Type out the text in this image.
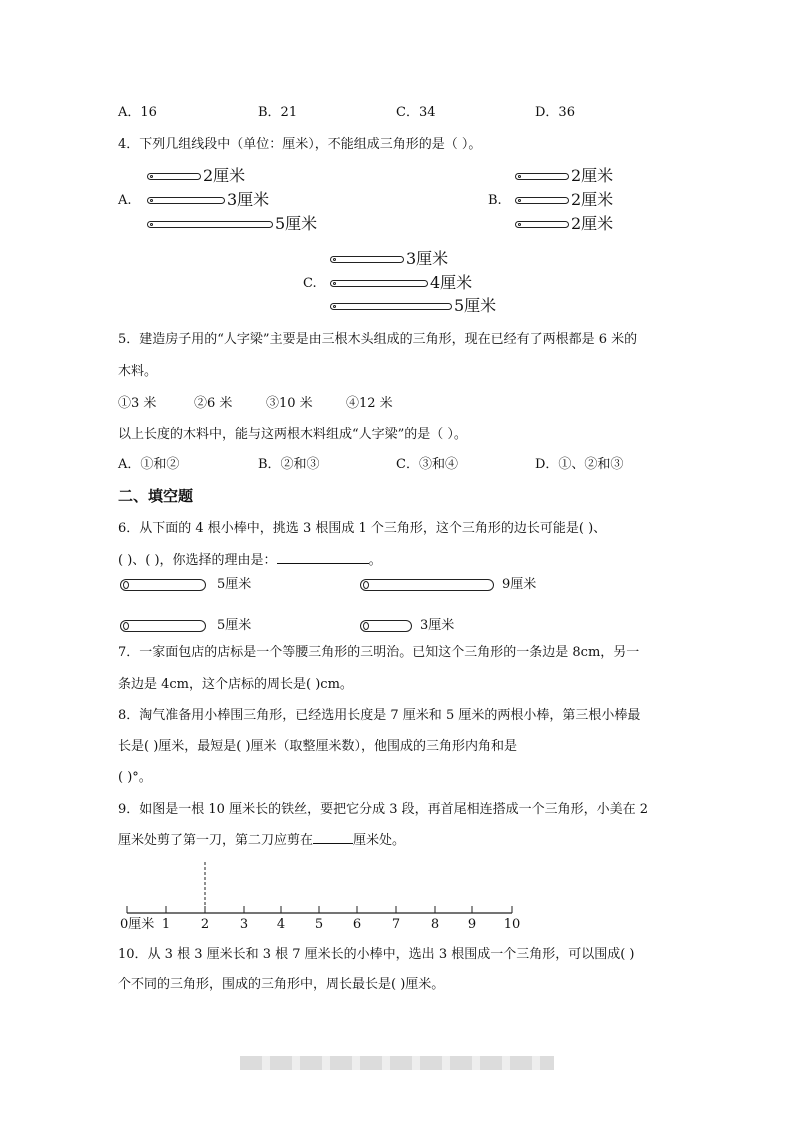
A．16	B．21	C．34	D．36
4．下列几组线段中（单位：厘米），不能组成三角形的是（ ）。
A.
2厘米
3厘米
5厘米
B.
2厘米
2厘米
2厘米
C.
3厘米
4厘米
5厘米
5．建造房子用的“人字梁”主要是由三根木头组成的三角形，现在已经有了两根都是 6 米的
木料。
①3 米	②6 米	③10 米	④12 米
以上长度的木料中，能与这两根木料组成“人字梁”的是（ ）。
A．①和②	B．②和③	C．③和④	D．①、②和③
二、填空题
6．从下面的 4 根小棒中，挑选 3 根围成 1 个三角形，这个三角形的边长可能是( )、
( )、( )，你选择的理由是：	。
5厘米	9厘米
5厘米	3厘米
7．一家面包店的店标是一个等腰三角形的三明治。已知这个三角形的一条边是 8cm，另一
条边是 4cm，这个店标的周长是( )cm。
8．淘气准备用小棒围三角形，已经选用长度是 7 厘米和 5 厘米的两根小棒，第三根小棒最
长是( )厘米，最短是( )厘米（取整厘米数），他围成的三角形内角和是
( )°。
9．如图是一根 10 厘米长的铁丝，要把它分成 3 段，再首尾相连搭成一个三角形，小美在 2
厘米处剪了第一刀，第二刀应剪在	厘米处。
0厘米 1 2 3 4 5 6 7 8 9 10
10．从 3 根 3 厘米长和 3 根 7 厘米长的小棒中，选出 3 根围成一个三角形，可以围成( )
个不同的三角形，围成的三角形中，周长最长是( )厘米。
